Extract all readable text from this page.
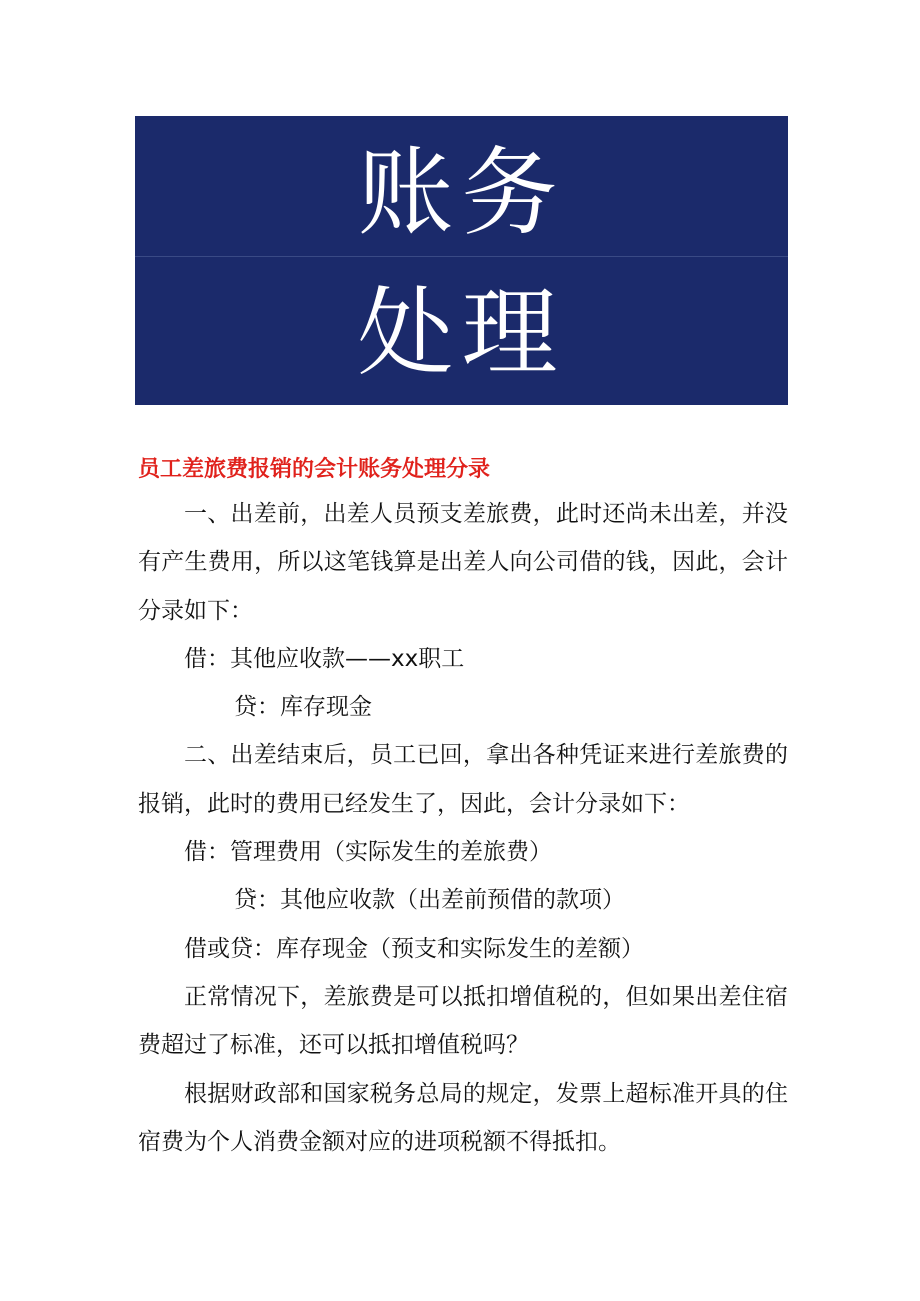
账务
处理
员工差旅费报销的会计账务处理分录

一、出差前，出差人员预支差旅费，此时还尚未出差，并没有产生费用，所以这笔钱算是出差人向公司借的钱，因此，会计分录如下：

借：其他应收款——xx职工

贷：库存现金

二、出差结束后，员工已回，拿出各种凭证来进行差旅费的报销，此时的费用已经发生了，因此，会计分录如下：

借：管理费用（实际发生的差旅费）

贷：其他应收款（出差前预借的款项）

借或贷：库存现金（预支和实际发生的差额）

正常情况下，差旅费是可以抵扣增值税的，但如果出差住宿费超过了标准，还可以抵扣增值税吗？

根据财政部和国家税务总局的规定，发票上超标准开具的住宿费为个人消费金额对应的进项税额不得抵扣。
